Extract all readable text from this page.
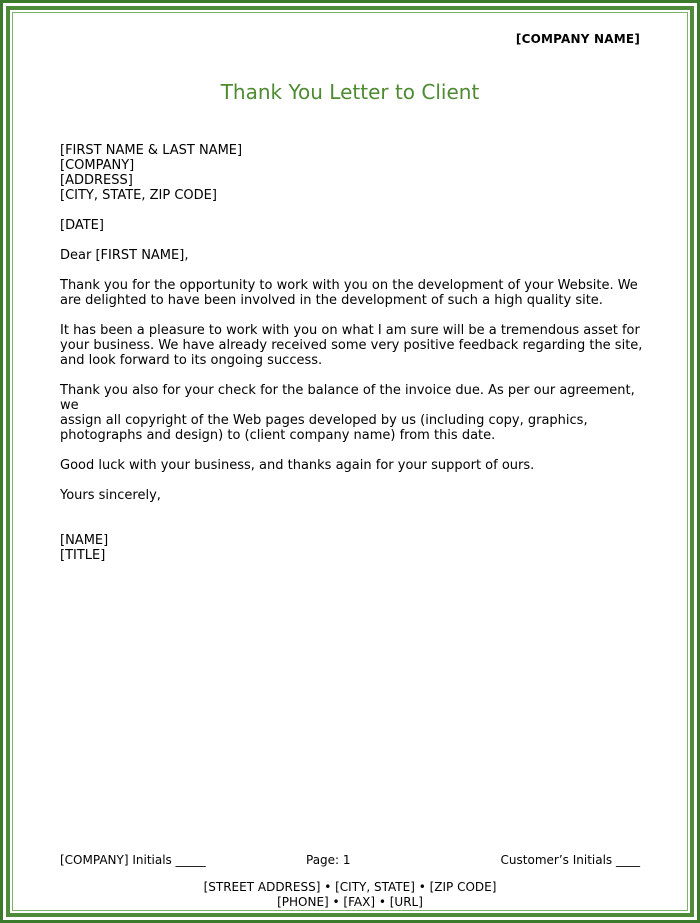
[COMPANY NAME]
Thank You Letter to Client

[FIRST NAME & LAST NAME]

[COMPANY]

[ADDRESS]

[CITY, STATE, ZIP CODE]

[DATE]

Dear [FIRST NAME],

Thank you for the opportunity to work with you on the development of your Website. We

are delighted to have been involved in the development of such a high quality site.

It has been a pleasure to work with you on what I am sure will be a tremendous asset for

your business. We have already received some very positive feedback regarding the site,

and look forward to its ongoing success.

Thank you also for your check for the balance of the invoice due. As per our agreement, we

assign all copyright of the Web pages developed by us (including copy, graphics,

photographs and design) to (client company name) from this date.

Good luck with your business, and thanks again for your support of ours.

Yours sincerely,

[NAME]

[TITLE]

[COMPANY] Initials _____	Page: 1	Customer’s Initials ____
[STREET ADDRESS] • [CITY, STATE] • [ZIP CODE]
[PHONE] • [FAX] • [URL]
